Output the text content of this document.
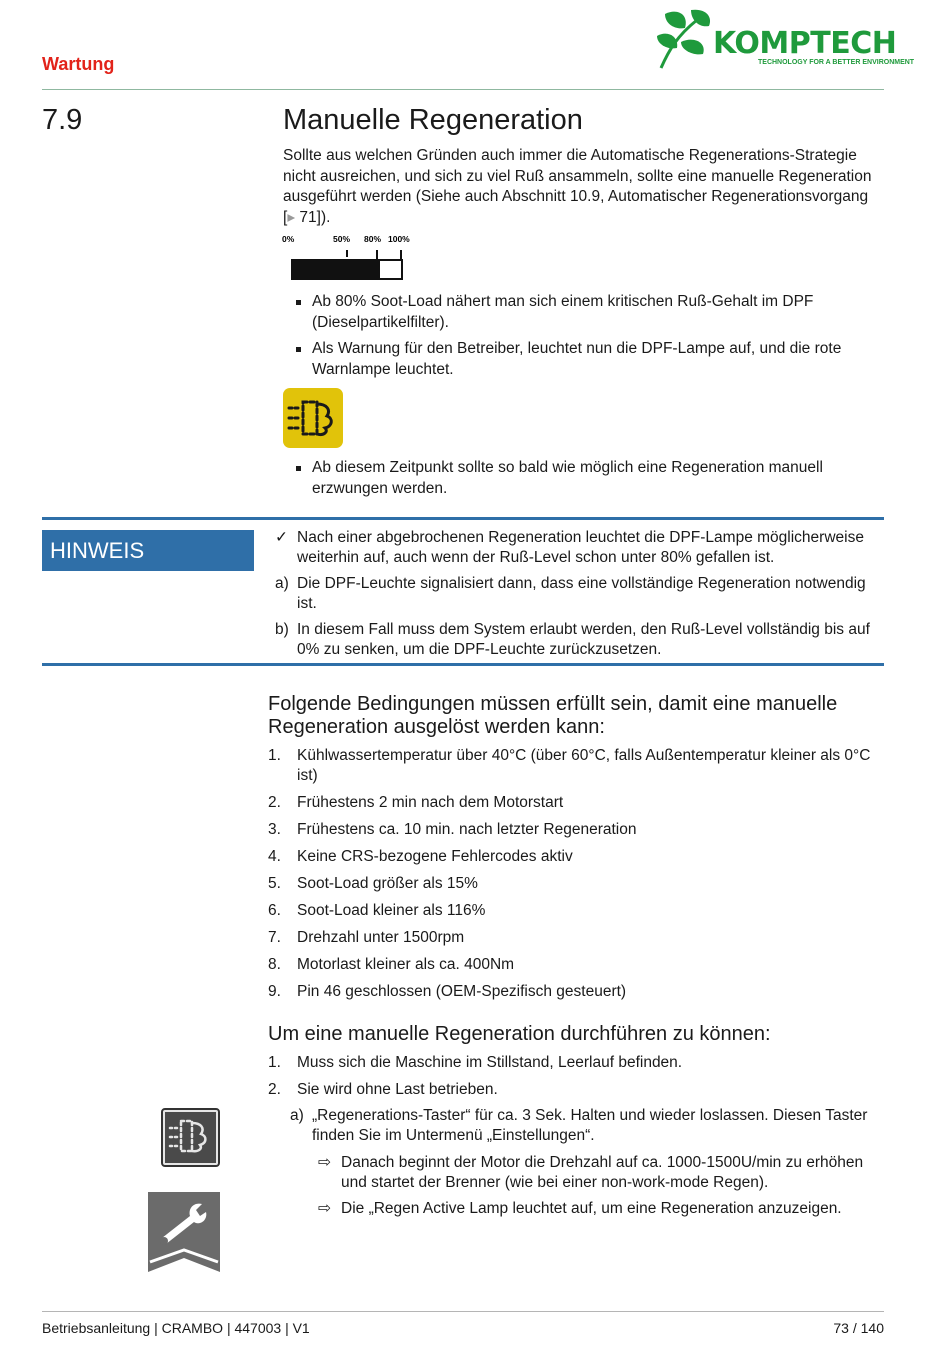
Wartung
KOMPTECH
TECHNOLOGY FOR A BETTER ENVIRONMENT
7.9	Manuelle Regeneration
Sollte aus welchen Gründen auch immer die Automatische Regenerations-Strategie nicht ausreichen, und sich zu viel Ruß ansammeln, sollte eine manuelle Regeneration ausgeführt werden (Siehe auch Abschnitt 10.9, Automatischer Regenerationsvorgang [▸ 71]).
0%	50% 80% 100%
Ab 80% Soot-Load nähert man sich einem kritischen Ruß-Gehalt im DPF (Dieselpartikelfilter).
Als Warnung für den Betreiber, leuchtet nun die DPF-Lampe auf, und die rote Warnlampe leuchtet.
Ab diesem Zeitpunkt sollte so bald wie möglich eine Regeneration manuell erzwungen werden.
HINWEIS
✓ Nach einer abgebrochenen Regeneration leuchtet die DPF-Lampe möglicherweise weiterhin auf, auch wenn der Ruß-Level schon unter 80% gefallen ist.
a) Die DPF-Leuchte signalisiert dann, dass eine vollständige Regeneration notwendig ist.
b) In diesem Fall muss dem System erlaubt werden, den Ruß-Level vollständig bis auf 0% zu senken, um die DPF-Leuchte zurückzusetzen.
Folgende Bedingungen müssen erfüllt sein, damit eine manuelle Regeneration ausgelöst werden kann:
1. Kühlwassertemperatur über 40°C (über 60°C, falls Außentemperatur kleiner als 0°C ist)
2. Frühestens 2 min nach dem Motorstart
3. Frühestens ca. 10 min. nach letzter Regeneration
4. Keine CRS-bezogene Fehlercodes aktiv
5. Soot-Load größer als 15%
6. Soot-Load kleiner als 116%
7. Drehzahl unter 1500rpm
8. Motorlast kleiner als ca. 400Nm
9. Pin 46 geschlossen (OEM-Spezifisch gesteuert)
Um eine manuelle Regeneration durchführen zu können:
1. Muss sich die Maschine im Stillstand, Leerlauf befinden.
2. Sie wird ohne Last betrieben.
a) „Regenerations-Taster“ für ca. 3 Sek. Halten und wieder loslassen. Diesen Taster finden Sie im Untermenü „Einstellungen“.
⇨ Danach beginnt der Motor die Drehzahl auf ca. 1000-1500U/min zu erhöhen und startet der Brenner (wie bei einer non-work-mode Regen).
⇨ Die „Regen Active Lamp leuchtet auf, um eine Regeneration anzuzeigen.
Betriebsanleitung | CRAMBO | 447003 | V1	73 / 140
